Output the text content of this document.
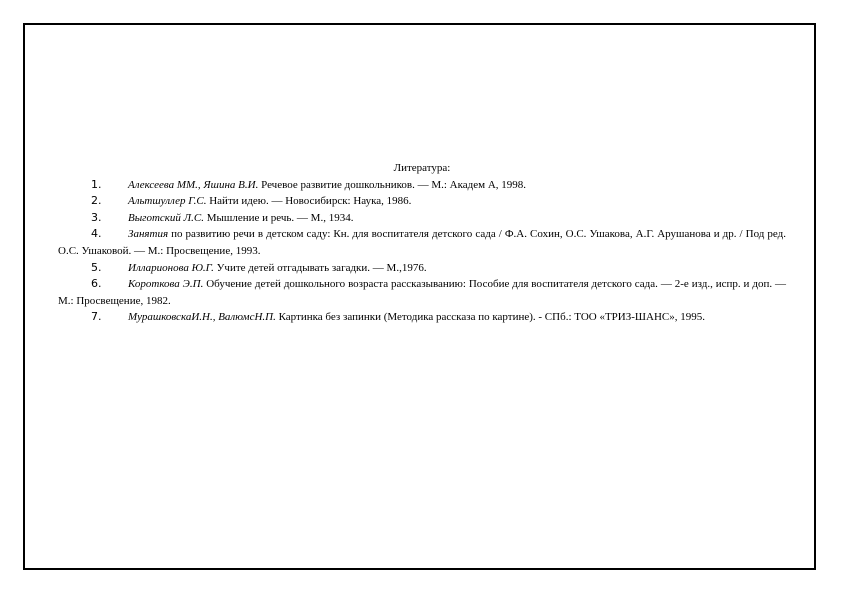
Литература:

1. Алексеева ММ., Яшина В.И. Речевое развитие дошкольников. — М.: Академ А, 1998.
2. Альтшуллер Г.С. Найти идею. — Новосибирск: Наука, 1986.
3. Выготский Л.С. Мышление и речь. — М., 1934.
4. Занятия по развитию речи в детском саду: Кн. для воспитателя детского сада / Ф.А. Сохин, О.С. Ушакова, А.Г. Арушанова и др. / Под ред. О.С. Ушаковой. — М.: Просвещение, 1993.
5. Илларионова Ю.Г. Учите детей отгадывать загадки. — М.,1976.
6. Короткова Э.П. Обучение детей дошкольного возраста рассказыванию: Пособие для воспитателя детского сада. — 2-е изд., испр. и доп. — М.: Просвещение, 1982.
7. МурашковскаИ.Н., ВалюмсН.П. Картинка без запинки (Методика рассказа по картине). - СПб.: ТОО «ТРИЗ-ШАНС», 1995.
